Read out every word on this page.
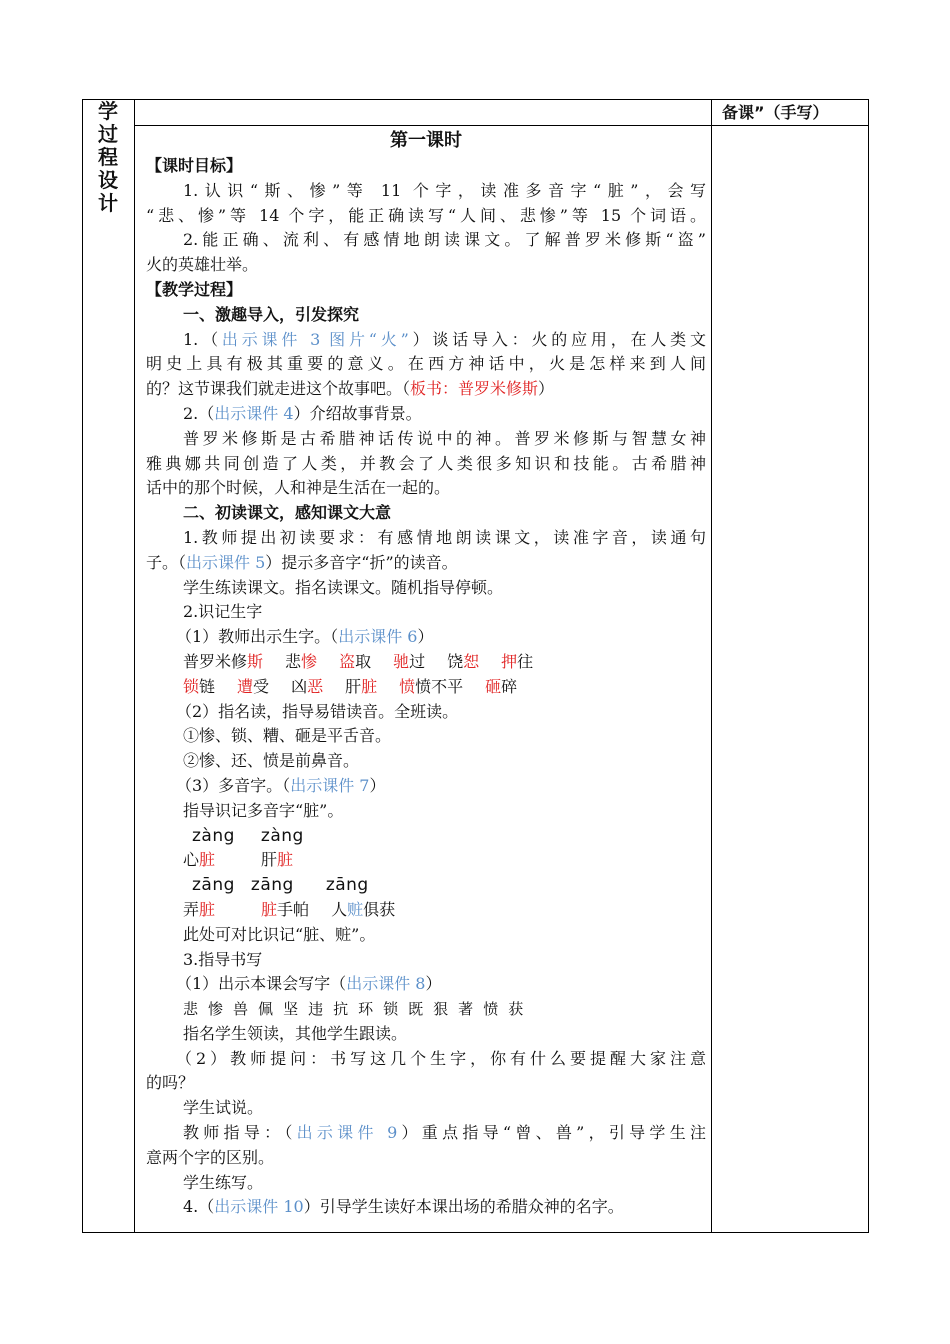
学
过
程
设
计
备课”（手写）
第一课时
【课时目标】
1.认识“斯、惨”等 11 个字，读准多音字“脏”，会写
“悲、惨”等 14 个字，能正确读写“人间、悲惨”等 15 个词语。
2.能正确、流利、有感情地朗读课文。了解普罗米修斯“盗”
火的英雄壮举。
【教学过程】
一、激趣导入，引发探究
1.（出示课件 3 图片“火”）谈话导入：火的应用，在人类文
明史上具有极其重要的意义。在西方神话中，火是怎样来到人间
的？这节课我们就走进这个故事吧。（板书：普罗米修斯）
2.（出示课件 4）介绍故事背景。
普罗米修斯是古希腊神话传说中的神。普罗米修斯与智慧女神
雅典娜共同创造了人类，并教会了人类很多知识和技能。古希腊神
话中的那个时候，人和神是生活在一起的。
二、初读课文，感知课文大意
1.教师提出初读要求：有感情地朗读课文，读准字音，读通句
子。（出示课件 5）提示多音字“折”的读音。
学生练读课文。指名读课文。随机指导停顿。
2.识记生字
（1）教师出示生字。（出示课件 6）
普罗米修斯 悲惨 盗取 驰过 饶恕 押往
锁链 遭受 凶恶 肝脏 愤愤不平 砸碎
（2）指名读，指导易错读音。全班读。
①惨、锁、糟、砸是平舌音。
②惨、还、愤是前鼻音。
（3）多音字。（出示课件 7）
指导识记多音字“脏”。
zàng zàng
心脏	肝脏
zāng zāng zāng
弄脏	脏手帕 人赃俱获
此处可对比识记“脏、赃”。
3.指导书写
（1）出示本课会写字（出示课件 8）
悲 惨 兽 佩 坚 违 抗 环 锁 既 狠 著 愤 获
指名学生领读，其他学生跟读。
（2）教师提问：书写这几个生字，你有什么要提醒大家注意
的吗？
学生试说。
教师指导：（出示课件 9）重点指导“曾、兽”，引导学生注
意两个字的区别。
学生练写。
4.（出示课件 10）引导学生读好本课出场的希腊众神的名字。
